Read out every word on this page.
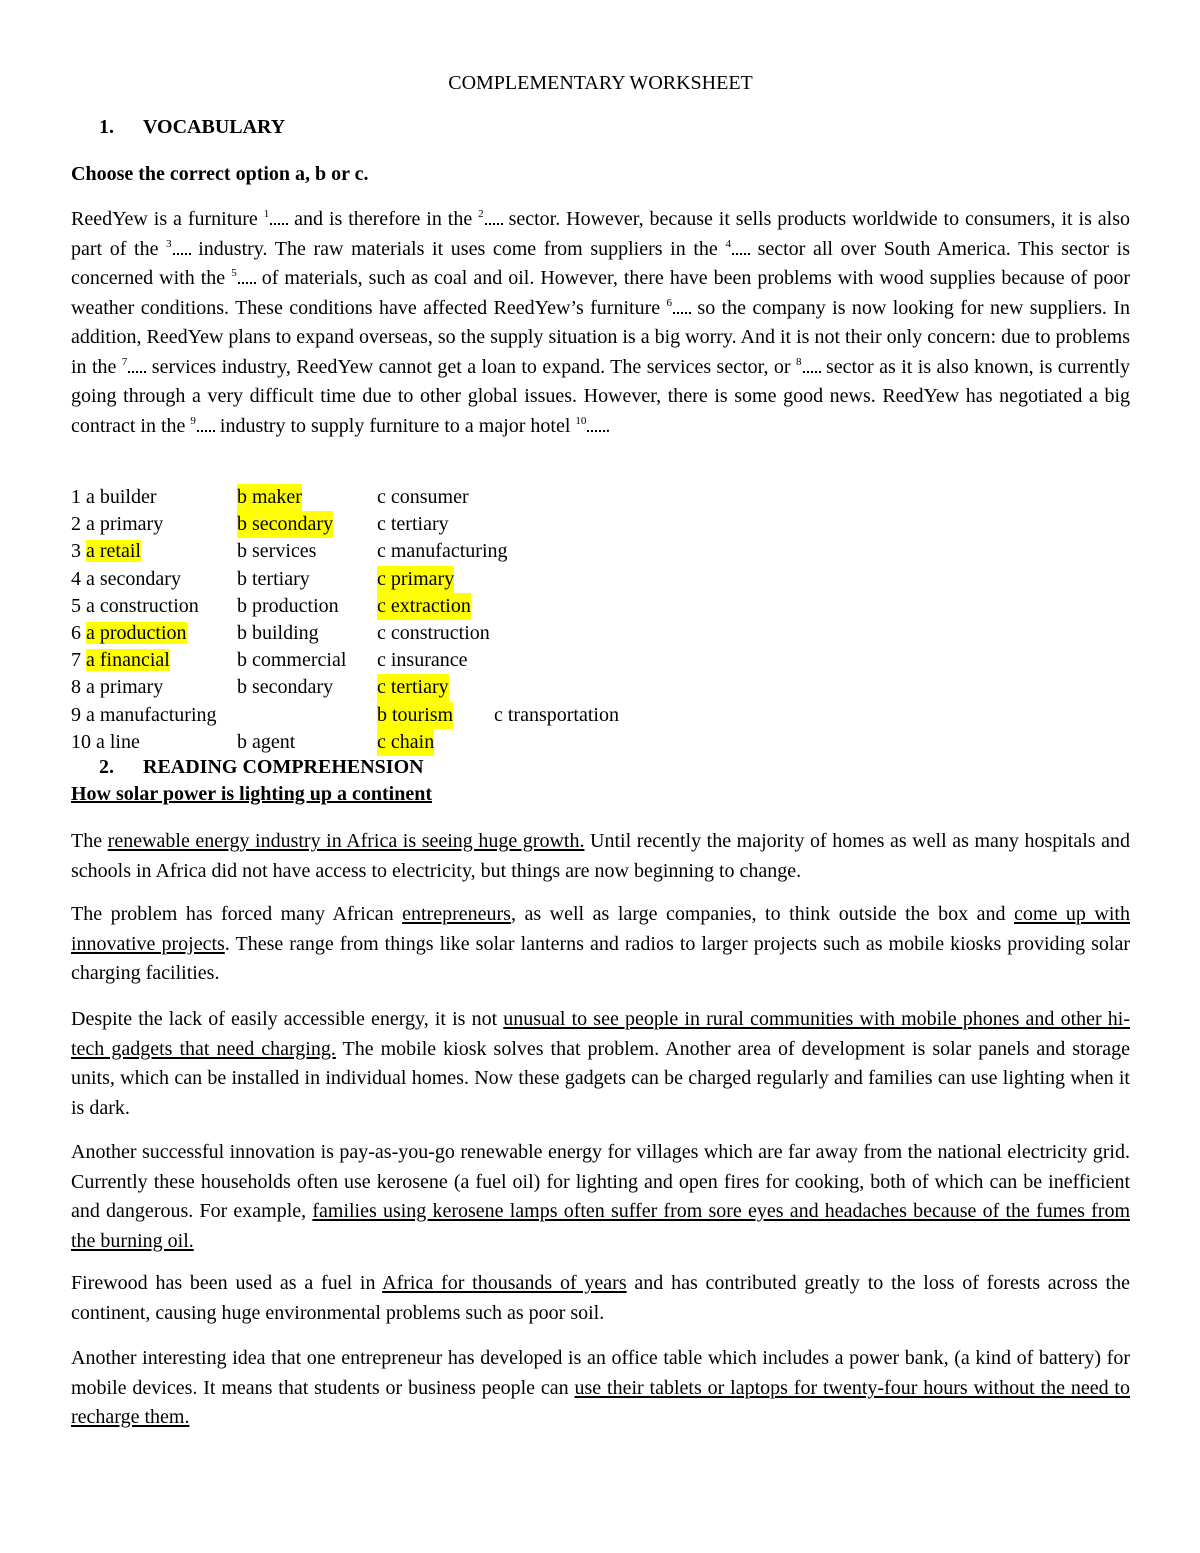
COMPLEMENTARY WORKSHEET
1. VOCABULARY
Choose the correct option a, b or c.

ReedYew is a furniture $^1$ and is therefore in the $^2$ sector. However, because it sells products worldwide to consumers, it is also part of the $^3$ industry. The raw materials it uses come from suppliers in the $^4$ sector all over South America. This sector is concerned with the $^5$ of materials, such as coal and oil. However, there have been problems with wood supplies because of poor weather conditions. These conditions have affected ReedYew’s furniture $^6$ so the company is now looking for new suppliers. In addition, ReedYew plans to expand overseas, so the supply situation is a big worry. And it is not their only concern: due to problems in the $^7$ services industry, ReedYew cannot get a loan to expand. The services sector, or $^8$ sector as it is also known, is currently going through a very difficult time due to other global issues. However, there is some good news. ReedYew has negotiated a big contract in the $^9$ industry to supply furniture to a major hotel $^{10}$ .

1 a builder	b maker	c consumer
2 a primary	b secondary c tertiary
3 a retail	b services	c manufacturing
4 a secondary	b tertiary	c primary
5 a construction b production c extraction
6 a production	b building	c construction
7 a financial	b commercial c insurance
8 a primary	b secondary c tertiary
9 a manufacturing	b tourism c transportation
10 a line	b agent	c chain
2. READING COMPREHENSION
How solar power is lighting up a continent

The renewable energy industry in Africa is seeing huge growth. Until recently the majority of homes as well as many hospitals and schools in Africa did not have access to electricity, but things are now beginning to change.

The problem has forced many African entrepreneurs, as well as large companies, to think outside the box and come up with innovative projects. These range from things like solar lanterns and radios to larger projects such as mobile kiosks providing solar charging facilities.

Despite the lack of easily accessible energy, it is not unusual to see people in rural communities with mobile phones and other hi-tech gadgets that need charging. The mobile kiosk solves that problem. Another area of development is solar panels and storage units, which can be installed in individual homes. Now these gadgets can be charged regularly and families can use lighting when it is dark.

Another successful innovation is pay-as-you-go renewable energy for villages which are far away from the national electricity grid. Currently these households often use kerosene (a fuel oil) for lighting and open fires for cooking, both of which can be inefficient and dangerous. For example, families using kerosene lamps often suffer from sore eyes and headaches because of the fumes from the burning oil.

Firewood has been used as a fuel in Africa for thousands of years and has contributed greatly to the loss of forests across the continent, causing huge environmental problems such as poor soil.

Another interesting idea that one entrepreneur has developed is an office table which includes a power bank, (a kind of battery) for mobile devices. It means that students or business people can use their tablets or laptops for twenty-four hours without the need to recharge them.
